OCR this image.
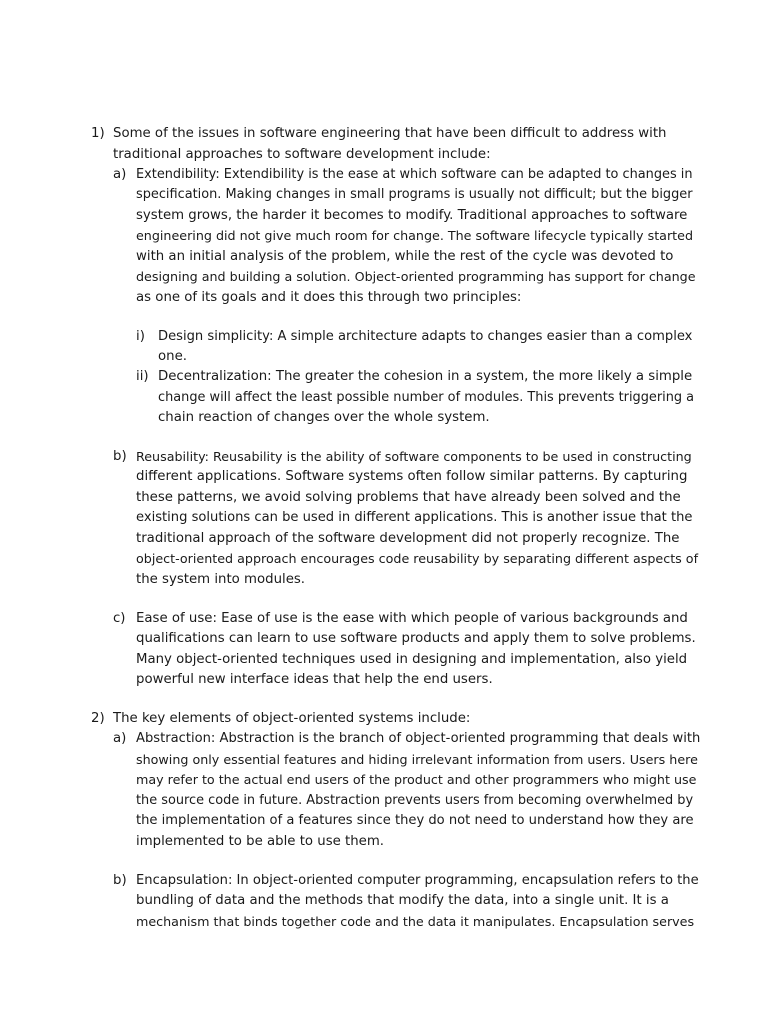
1) Some of the issues in software engineering that have been difficult to address with
traditional approaches to software development include:
a) Extendibility: Extendibility is the ease at which software can be adapted to changes in
specification. Making changes in small programs is usually not difficult; but the bigger
system grows, the harder it becomes to modify. Traditional approaches to software
engineering did not give much room for change. The software lifecycle typically started
with an initial analysis of the problem, while the rest of the cycle was devoted to
designing and building a solution. Object-oriented programming has support for change
as one of its goals and it does this through two principles:
i) Design simplicity: A simple architecture adapts to changes easier than a complex
one.
ii) Decentralization: The greater the cohesion in a system, the more likely a simple
change will affect the least possible number of modules. This prevents triggering a
chain reaction of changes over the whole system.
b) Reusability: Reusability is the ability of software components to be used in constructing
different applications. Software systems often follow similar patterns. By capturing
these patterns, we avoid solving problems that have already been solved and the
existing solutions can be used in different applications. This is another issue that the
traditional approach of the software development did not properly recognize. The
object-oriented approach encourages code reusability by separating different aspects of
the system into modules.
c) Ease of use: Ease of use is the ease with which people of various backgrounds and
qualifications can learn to use software products and apply them to solve problems.
Many object-oriented techniques used in designing and implementation, also yield
powerful new interface ideas that help the end users.
2) The key elements of object-oriented systems include:
a) Abstraction: Abstraction is the branch of object-oriented programming that deals with
showing only essential features and hiding irrelevant information from users. Users here
may refer to the actual end users of the product and other programmers who might use
the source code in future. Abstraction prevents users from becoming overwhelmed by
the implementation of a features since they do not need to understand how they are
implemented to be able to use them.
b) Encapsulation: In object-oriented computer programming, encapsulation refers to the
bundling of data and the methods that modify the data, into a single unit. It is a
mechanism that binds together code and the data it manipulates. Encapsulation serves
